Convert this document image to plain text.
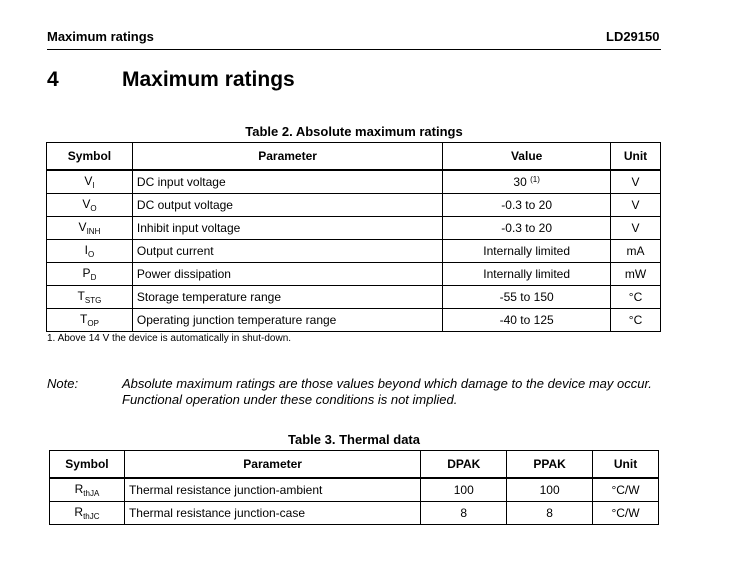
Maximum ratings	LD29150
4	Maximum ratings
Table 2. Absolute maximum ratings
Symbol	Parameter	Value	Unit
$V_I$	DC input voltage	30 $^{(1)}$	V
$V_O$	DC output voltage	-0.3 to 20	V
$V_{INH}$	Inhibit input voltage	-0.3 to 20	V
$I_O$	Output current	Internally limited	mA
$P_D$	Power dissipation	Internally limited	mW
$T_{STG}$	Storage temperature range	-55 to 150	°C
$T_{OP}$	Operating junction temperature range	-40 to 125	°C
1. Above 14 V the device is automatically in shut-down.
Note:	Absolute maximum ratings are those values beyond which damage to the device may occur.
Functional operation under these conditions is not implied.
Table 3. Thermal data
Symbol	Parameter	DPAK	PPAK	Unit
$R_{thJA}$	Thermal resistance junction-ambient	100	100	°C/W
$R_{thJC}$	Thermal resistance junction-case	8	8	°C/W
